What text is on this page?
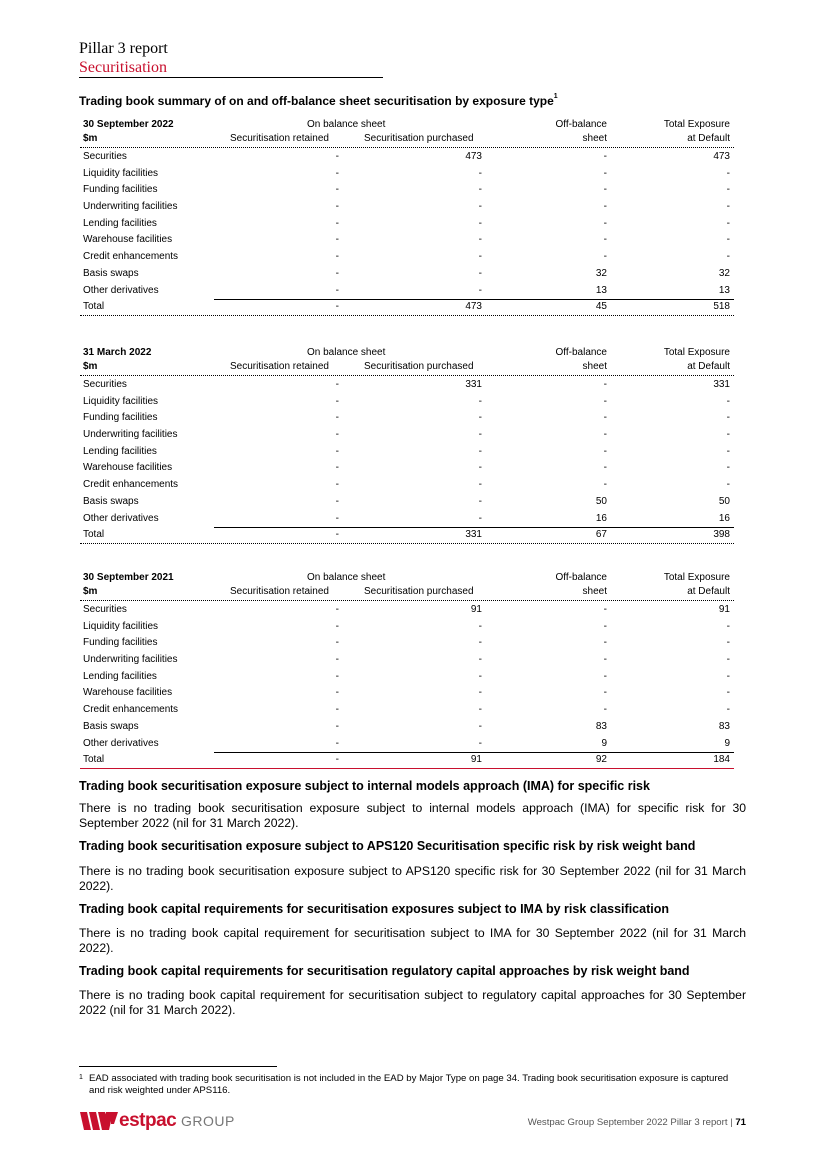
Pillar 3 report
Securitisation
Trading book summary of on and off-balance sheet securitisation by exposure type$^1$
30 September 2022	On balance sheet	Off-balance	Total Exposure
$m	Securitisation retained	Securitisation purchased	sheet	at Default
Securities	-	473	-	473
Liquidity facilities	-	-	-	-
Funding facilities	-	-	-	-
Underwriting facilities	-	-	-	-
Lending facilities	-	-	-	-
Warehouse facilities	-	-	-	-
Credit enhancements	-	-	-	-
Basis swaps	-	-	32	32
Other derivatives	-	-	13	13
Total	-	473	45	518
31 March 2022	On balance sheet	Off-balance	Total Exposure
$m	Securitisation retained	Securitisation purchased	sheet	at Default
Securities	-	331	-	331
Liquidity facilities	-	-	-	-
Funding facilities	-	-	-	-
Underwriting facilities	-	-	-	-
Lending facilities	-	-	-	-
Warehouse facilities	-	-	-	-
Credit enhancements	-	-	-	-
Basis swaps	-	-	50	50
Other derivatives	-	-	16	16
Total	-	331	67	398
30 September 2021	On balance sheet	Off-balance	Total Exposure
$m	Securitisation retained	Securitisation purchased	sheet	at Default
Securities	-	91	-	91
Liquidity facilities	-	-	-	-
Funding facilities	-	-	-	-
Underwriting facilities	-	-	-	-
Lending facilities	-	-	-	-
Warehouse facilities	-	-	-	-
Credit enhancements	-	-	-	-
Basis swaps	-	-	83	83
Other derivatives	-	-	9	9
Total	-	91	92	184
Trading book securitisation exposure subject to internal models approach (IMA) for specific risk
There is no trading book securitisation exposure subject to internal models approach (IMA) for specific risk for 30 September 2022 (nil for 31 March 2022).
Trading book securitisation exposure subject to APS120 Securitisation specific risk by risk weight band
There is no trading book securitisation exposure subject to APS120 specific risk for 30 September 2022 (nil for 31 March 2022).
Trading book capital requirements for securitisation exposures subject to IMA by risk classification
There is no trading book capital requirement for securitisation subject to IMA for 30 September 2022 (nil for 31 March 2022).
Trading book capital requirements for securitisation regulatory capital approaches by risk weight band
There is no trading book capital requirement for securitisation subject to regulatory capital approaches for 30 September 2022 (nil for 31 March 2022).
1 EAD associated with trading book securitisation is not included in the EAD by Major Type on page 34. Trading book securitisation exposure is captured and risk weighted under APS116.
estpac GROUP	Westpac Group September 2022 Pillar 3 report | 71
